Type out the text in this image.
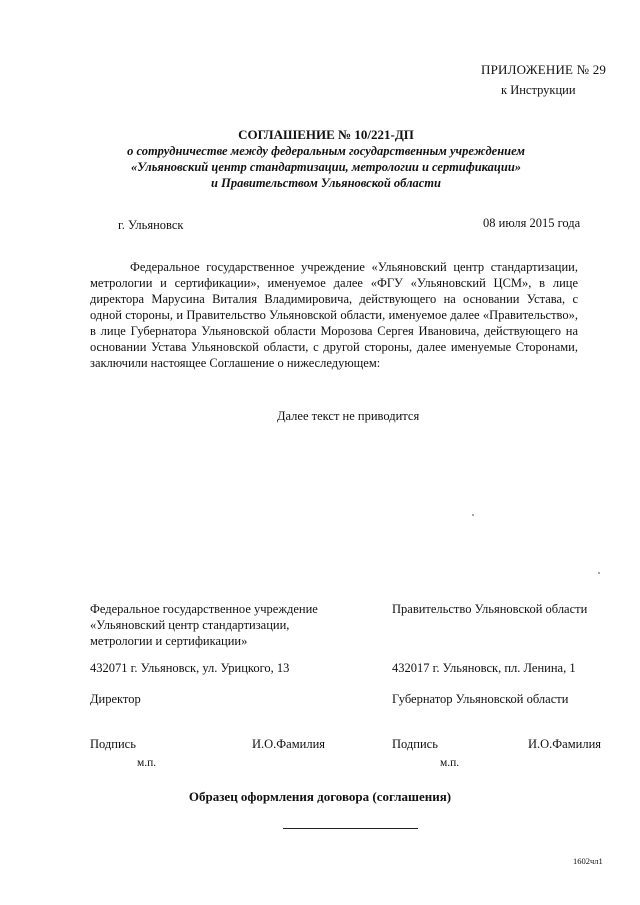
ПРИЛОЖЕНИЕ № 29
к Инструкции
СОГЛАШЕНИЕ № 10/221-ДП
о сотрудничестве между федеральным государственным учреждением
«Ульяновский центр стандартизации, метрологии и сертификации»
и Правительством Ульяновской области
г. Ульяновск	08 июля 2015 года
Федеральное государственное учреждение «Ульяновский центр стандартизации, метрологии и сертификации», именуемое далее «ФГУ «Ульяновский ЦСМ», в лице директора Марусина Виталия Владимировича, действующего на основании Устава, с одной стороны, и Правительство Ульяновской области, именуемое далее «Правительство», в лице Губернатора Ульяновской области Морозова Сергея Ивановича, действующего на основании Устава Ульяновской области, с другой стороны, далее именуемые Сторонами, заключили настоящее Соглашение о нижеследующем:
Далее текст не приводится
Федеральное государственное учреждение
«Ульяновский центр стандартизации,
метрологии и сертификации»
Правительство Ульяновской области
432071 г. Ульяновск, ул. Урицкого, 13	432017 г. Ульяновск, пл. Ленина, 1
Директор	Губернатор Ульяновской области
Подпись	И.О.Фамилия	Подпись	И.О.Фамилия
м.п.	м.п.
Образец оформления договора (соглашения)
1602чл1
